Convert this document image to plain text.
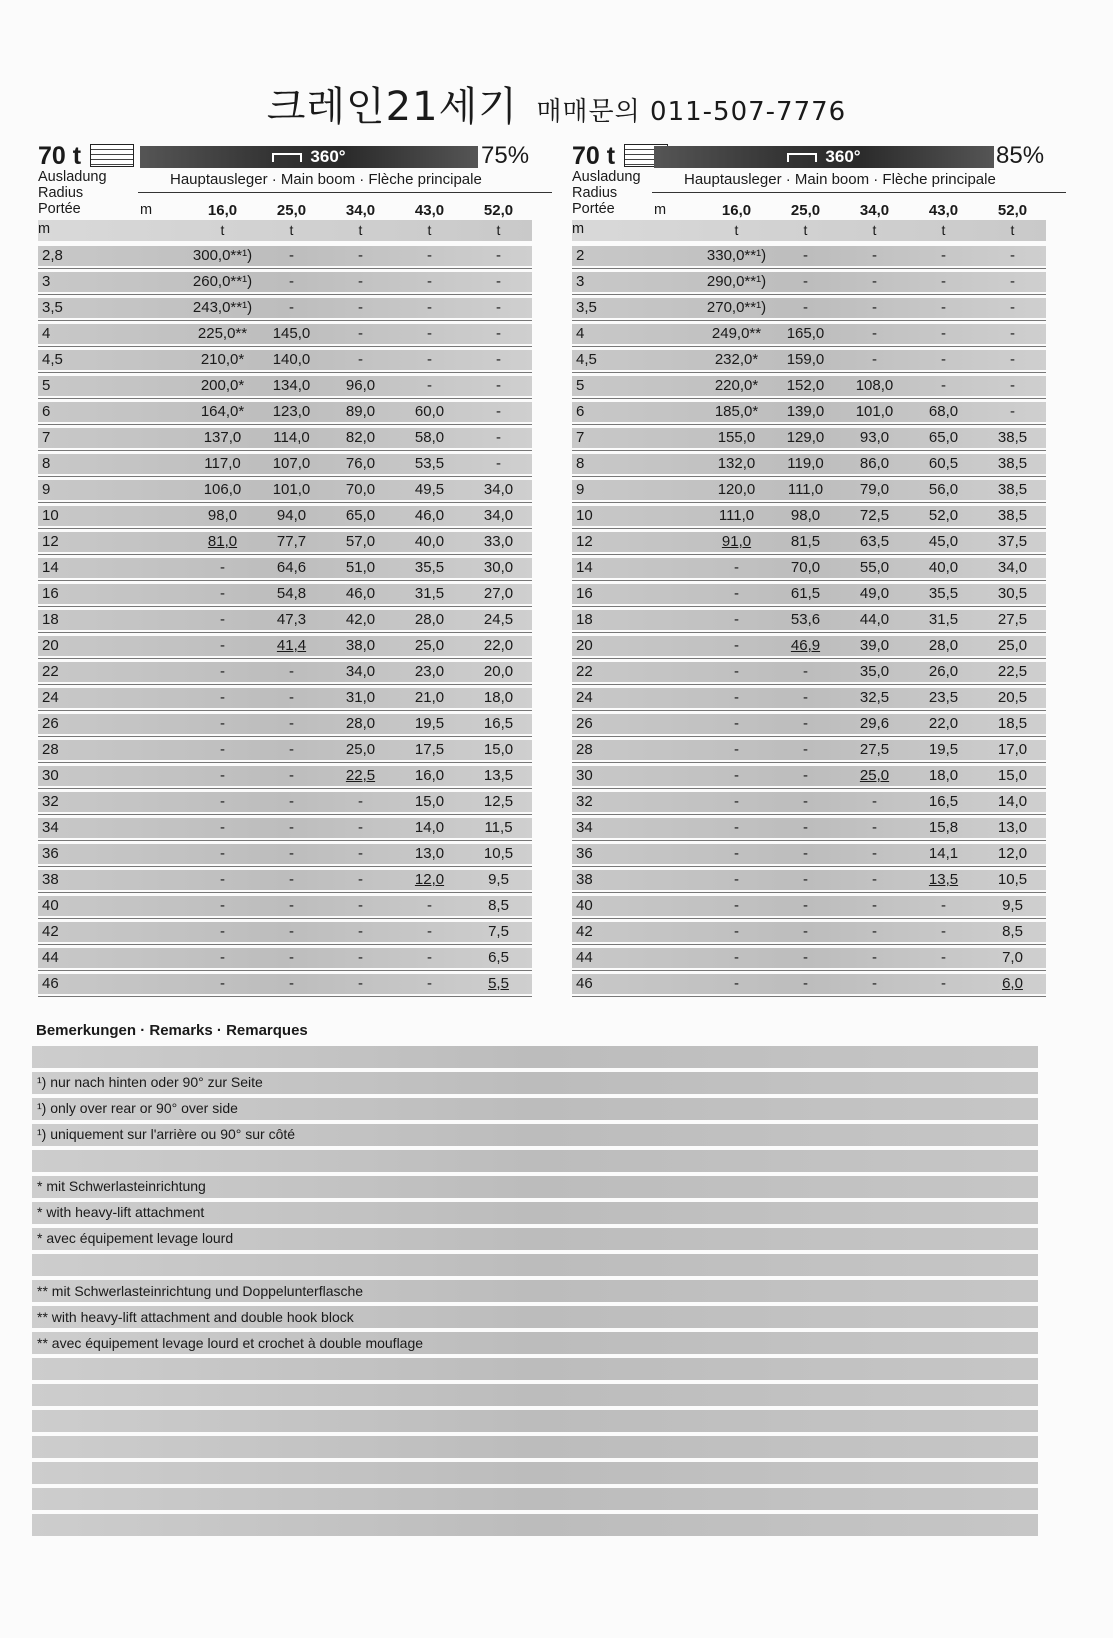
크레인21세기 매매문의 011-507-7776
70 t	360°	75%
Ausladung
Radius
Portée
Hauptausleger · Main boom · Flèche principale
m	16,0	25,0	34,0	43,0	52,0
m	t	t	t	t	t
2,8	300,0**¹)	-	-	-	-
3	260,0**¹)	-	-	-	-
3,5	243,0**¹)	-	-	-	-
4	225,0**	145,0	-	-	-
4,5	210,0*	140,0	-	-	-
5	200,0*	134,0	96,0	-	-
6	164,0*	123,0	89,0	60,0	-
7	137,0	114,0	82,0	58,0	-
8	117,0	107,0	76,0	53,5	-
9	106,0	101,0	70,0	49,5	34,0
10	98,0	94,0	65,0	46,0	34,0
12	81,0	77,7	57,0	40,0	33,0
14	-	64,6	51,0	35,5	30,0
16	-	54,8	46,0	31,5	27,0
18	-	47,3	42,0	28,0	24,5
20	-	41,4	38,0	25,0	22,0
22	-	-	34,0	23,0	20,0
24	-	-	31,0	21,0	18,0
26	-	-	28,0	19,5	16,5
28	-	-	25,0	17,5	15,0
30	-	-	22,5	16,0	13,5
32	-	-	-	15,0	12,5
34	-	-	-	14,0	11,5
36	-	-	-	13,0	10,5
38	-	-	-	12,0	9,5
40	-	-	-	-	8,5
42	-	-	-	-	7,5
44	-	-	-	-	6,5
46	-	-	-	-	5,5
70 t	360°	85%
Ausladung
Radius
Portée
Hauptausleger · Main boom · Flèche principale
m	16,0	25,0	34,0	43,0	52,0
m	t	t	t	t	t
2	330,0**¹)	-	-	-	-
3	290,0**¹)	-	-	-	-
3,5	270,0**¹)	-	-	-	-
4	249,0**	165,0	-	-	-
4,5	232,0*	159,0	-	-	-
5	220,0*	152,0	108,0	-	-
6	185,0*	139,0	101,0	68,0	-
7	155,0	129,0	93,0	65,0	38,5
8	132,0	119,0	86,0	60,5	38,5
9	120,0	111,0	79,0	56,0	38,5
10	111,0	98,0	72,5	52,0	38,5
12	91,0	81,5	63,5	45,0	37,5
14	-	70,0	55,0	40,0	34,0
16	-	61,5	49,0	35,5	30,5
18	-	53,6	44,0	31,5	27,5
20	-	46,9	39,0	28,0	25,0
22	-	-	35,0	26,0	22,5
24	-	-	32,5	23,5	20,5
26	-	-	29,6	22,0	18,5
28	-	-	27,5	19,5	17,0
30	-	-	25,0	18,0	15,0
32	-	-	-	16,5	14,0
34	-	-	-	15,8	13,0
36	-	-	-	14,1	12,0
38	-	-	-	13,5	10,5
40	-	-	-	-	9,5
42	-	-	-	-	8,5
44	-	-	-	-	7,0
46	-	-	-	-	6,0
Bemerkungen · Remarks · Remarques
¹) nur nach hinten oder 90° zur Seite
¹) only over rear or 90° over side
¹) uniquement sur l'arrière ou 90° sur côté
* mit Schwerlasteinrichtung
* with heavy-lift attachment
* avec équipement levage lourd
** mit Schwerlasteinrichtung und Doppelunterflasche
** with heavy-lift attachment and double hook block
** avec équipement levage lourd et crochet à double mouflage
